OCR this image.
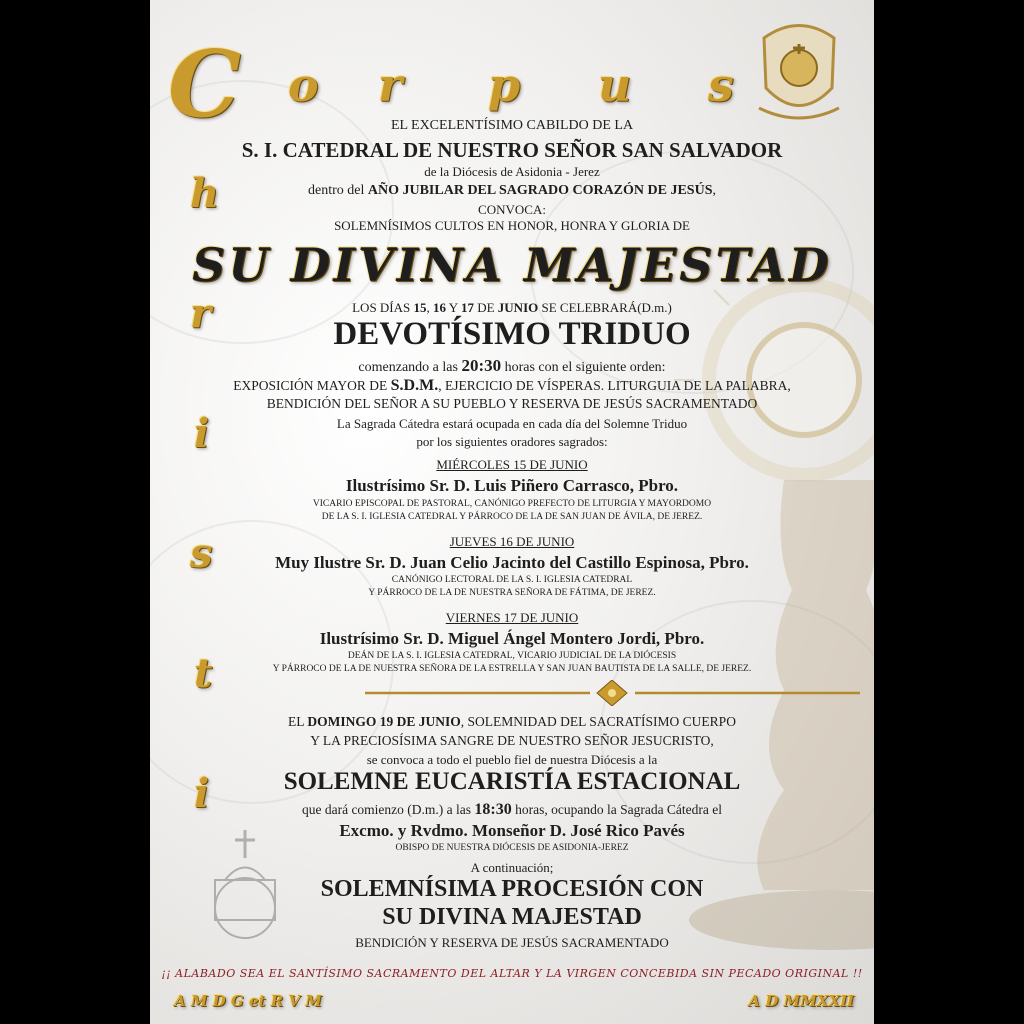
C o r p u s
h
r
i
s
t
i
EL EXCELENTÍSIMO CABILDO DE LA
S. I. CATEDRAL DE NUESTRO SEÑOR SAN SALVADOR
de la Diócesis de Asidonia - Jerez
dentro del AÑO JUBILAR DEL SAGRADO CORAZÓN DE JESÚS,
CONVOCA:
SOLEMNÍSIMOS CULTOS EN HONOR, HONRA Y GLORIA DE
SU DIVINA MAJESTAD
LOS DÍAS 15, 16 Y 17 DE JUNIO SE CELEBRARÁ(D.m.)
DEVOTÍSIMO TRIDUO
comenzando a las 20:30 horas con el siguiente orden:
EXPOSICIÓN MAYOR DE S.D.M., EJERCICIO DE VÍSPERAS. LITURGUIA DE LA PALABRA,
BENDICIÓN DEL SEÑOR A SU PUEBLO Y RESERVA DE JESÚS SACRAMENTADO
La Sagrada Cátedra estará ocupada en cada día del Solemne Triduo
por los siguientes oradores sagrados:
MIÉRCOLES 15 DE JUNIO
Ilustrísimo Sr. D. Luis Piñero Carrasco, Pbro.
VICARIO EPISCOPAL DE PASTORAL, CANÓNIGO PREFECTO DE LITURGIA Y MAYORDOMO
DE LA S. I. IGLESIA CATEDRAL Y PÁRROCO DE LA DE SAN JUAN DE ÁVILA, DE JEREZ.
JUEVES 16 DE JUNIO
Muy Ilustre Sr. D. Juan Celio Jacinto del Castillo Espinosa, Pbro.
CANÓNIGO LECTORAL DE LA S. I. IGLESIA CATEDRAL
Y PÁRROCO DE LA DE NUESTRA SEÑORA DE FÁTIMA, DE JEREZ.
VIERNES 17 DE JUNIO
Ilustrísimo Sr. D. Miguel Ángel Montero Jordi, Pbro.
DEÁN DE LA S. I. IGLESIA CATEDRAL, VICARIO JUDICIAL DE LA DIÓCESIS
Y PÁRROCO DE LA DE NUESTRA SEÑORA DE LA ESTRELLA Y SAN JUAN BAUTISTA DE LA SALLE, DE JEREZ.
EL DOMINGO 19 DE JUNIO, SOLEMNIDAD DEL SACRATÍSIMO CUERPO
Y LA PRECIOSÍSIMA SANGRE DE NUESTRO SEÑOR JESUCRISTO,
se convoca a todo el pueblo fiel de nuestra Diócesis a la
SOLEMNE EUCARISTÍA ESTACIONAL
que dará comienzo (D.m.) a las 18:30 horas, ocupando la Sagrada Cátedra el
Excmo. y Rvdmo. Monseñor D. José Rico Pavés
OBISPO DE NUESTRA DIÓCESIS DE ASIDONIA-JEREZ
A continuación;
SOLEMNÍSIMA PROCESIÓN CON
SU DIVINA MAJESTAD
BENDICIÓN Y RESERVA DE JESÚS SACRAMENTADO
¡¡ ALABADO SEA EL SANTÍSIMO SACRAMENTO DEL ALTAR Y LA VIRGEN CONCEBIDA SIN PECADO ORIGINAL !!
A M D G et R V M	A D MMXXII
